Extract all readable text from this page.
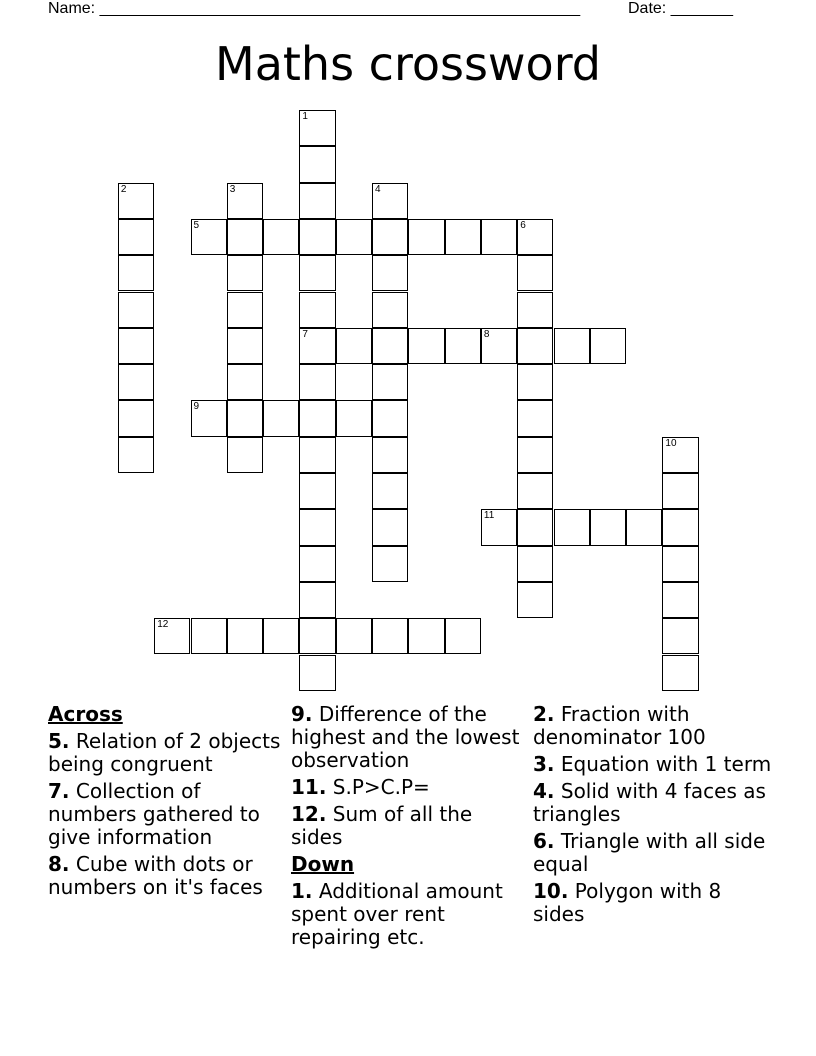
Name: ______________________________________________________	Date: _______
Maths crossword
1
7
2	3	4
5	6
8
9
10
11
12
Across
5. Relation of 2 objects being congruent
7. Collection of numbers gathered to give information
8. Cube with dots or numbers on it's faces
9. Difference of the highest and the lowest observation
11. S.P>C.P=
12. Sum of all the sides
Down
1. Additional amount spent over rent repairing etc.
2. Fraction with denominator 100
3. Equation with 1 term
4. Solid with 4 faces as triangles
6. Triangle with all side equal
10. Polygon with 8 sides
